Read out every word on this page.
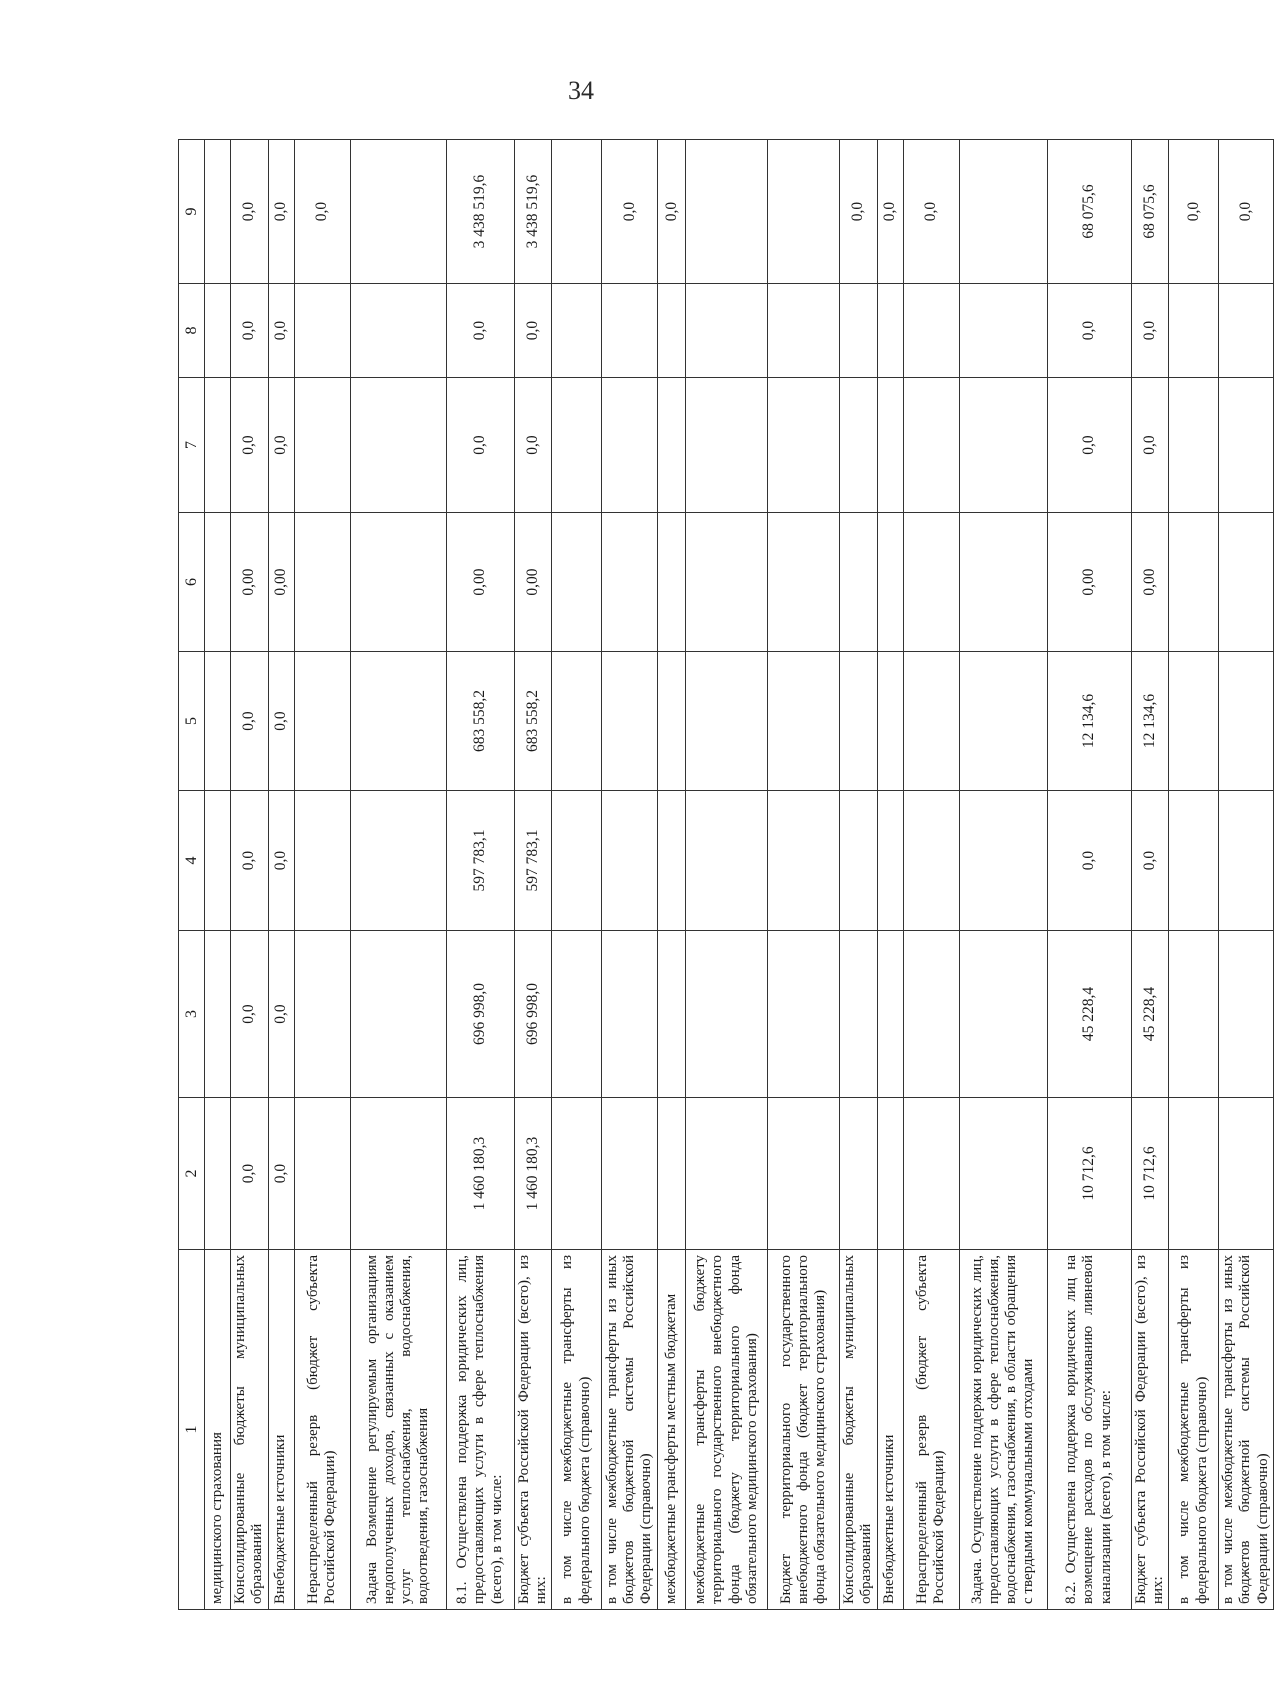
34
1	2	3	4	5	6	7	8	9
медицинского страхования								
Консолидированные бюджеты муниципальных образований	0,0	0,0	0,0	0,0	0,00	0,0	0,0	0,0
Внебюджетные источники	0,0	0,0	0,0	0,0	0,00	0,0	0,0	0,0
Нераспределенный резерв (бюджет субъекта Российской Федерации)								0,0
Задача Возмещение регулируемым организациям недополученных доходов, связанных с оказанием услуг теплоснабжения, водоснабжения, водоотведения, газоснабжения								
8.1. Осуществлена поддержка юридических лиц, предоставляющих услуги в сфере теплоснабжения (всего), в том числе:	1 460 180,3	696 998,0	597 783,1	683 558,2	0,00	0,0	0,0	3 438 519,6
Бюджет субъекта Российской Федерации (всего), из них:	1 460 180,3	696 998,0	597 783,1	683 558,2	0,00	0,0	0,0	3 438 519,6
в том числе межбюджетные трансферты из федерального бюджета (справочно)								
в том числе межбюджетные трансферты из иных бюджетов бюджетной системы Российской Федерации (справочно)								0,0
межбюджетные трансферты местным бюджетам								0,0
межбюджетные трансферты бюджету территориального государственного внебюджетного фонда (бюджету территориального фонда обязательного медицинского страхования)								
Бюджет территориального государственного внебюджетного фонда (бюджет территориального фонда обязательного медицинского страхования)								
Консолидированные бюджеты муниципальных образований								0,0
Внебюджетные источники								0,0
Нераспределенный резерв (бюджет субъекта Российской Федерации)								0,0
Задача. Осуществление поддержки юридических лиц, предоставляющих услуги в сфере теплоснабжения, водоснабжения, газоснабжения, в области обращения с твердыми коммунальными отходами								
8.2. Осуществлена поддержка юридических лиц на возмещение расходов по обслуживанию ливневой канализации (всего), в том числе:	10 712,6	45 228,4	0,0	12 134,6	0,00	0,0	0,0	68 075,6
Бюджет субъекта Российской Федерации (всего), из них:	10 712,6	45 228,4	0,0	12 134,6	0,00	0,0	0,0	68 075,6
в том числе межбюджетные трансферты из федерального бюджета (справочно)								0,0
в том числе межбюджетные трансферты из иных бюджетов бюджетной системы Российской Федерации (справочно)								0,0
